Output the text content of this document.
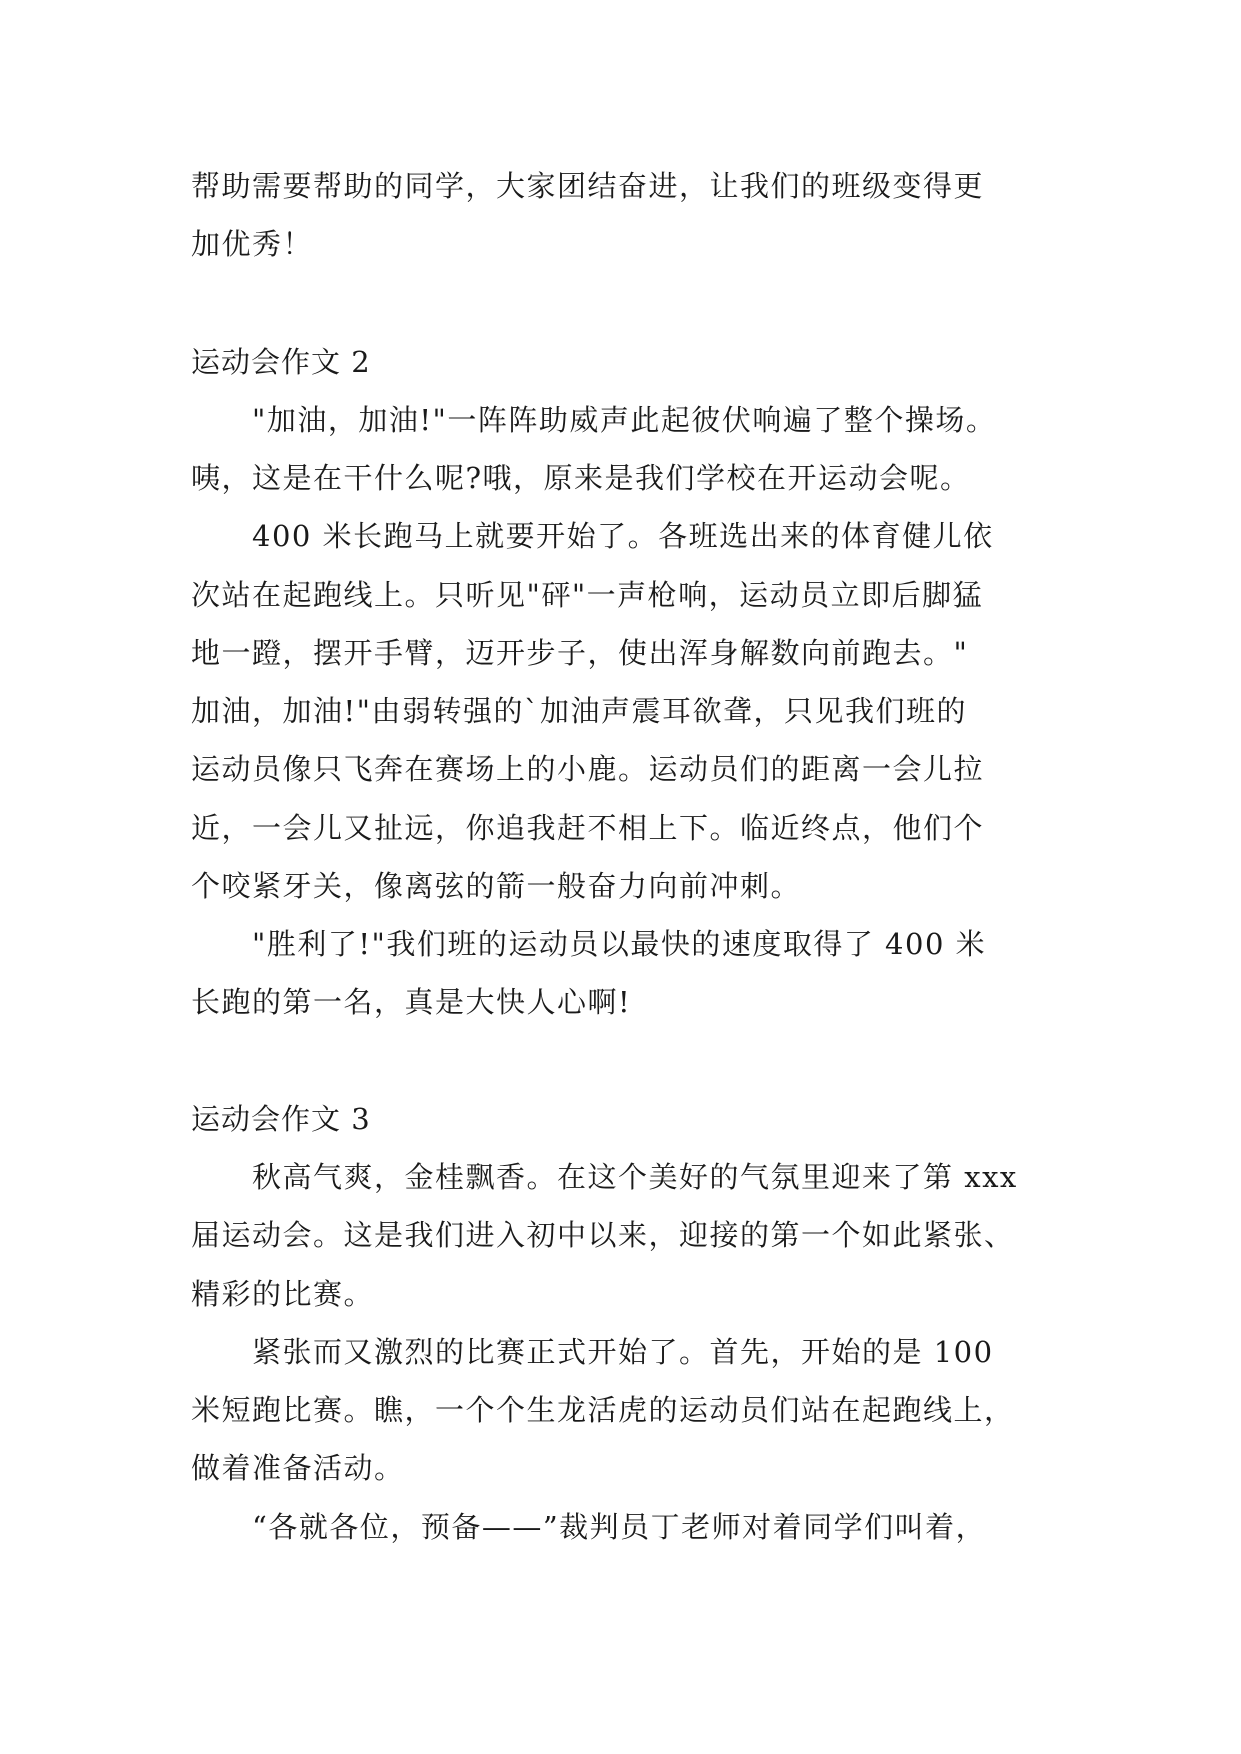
帮助需要帮助的同学，大家团结奋进，让我们的班级变得更
加优秀！
运动会作文 2
"加油，加油!"一阵阵助威声此起彼伏响遍了整个操场。
咦，这是在干什么呢?哦，原来是我们学校在开运动会呢。
400 米长跑马上就要开始了。各班选出来的体育健儿依
次站在起跑线上。只听见"砰"一声枪响，运动员立即后脚猛
地一蹬，摆开手臂，迈开步子，使出浑身解数向前跑去。"
加油，加油!"由弱转强的`加油声震耳欲聋，只见我们班的
运动员像只飞奔在赛场上的小鹿。运动员们的距离一会儿拉
近，一会儿又扯远，你追我赶不相上下。临近终点，他们个
个咬紧牙关，像离弦的箭一般奋力向前冲刺。
"胜利了!"我们班的运动员以最快的速度取得了 400 米
长跑的第一名，真是大快人心啊!
运动会作文 3
秋高气爽，金桂飘香。在这个美好的气氛里迎来了第 xxx
届运动会。这是我们进入初中以来，迎接的第一个如此紧张、
精彩的比赛。
紧张而又激烈的比赛正式开始了。首先，开始的是 100
米短跑比赛。瞧，一个个生龙活虎的运动员们站在起跑线上，
做着准备活动。
“各就各位，预备——”裁判员丁老师对着同学们叫着，
